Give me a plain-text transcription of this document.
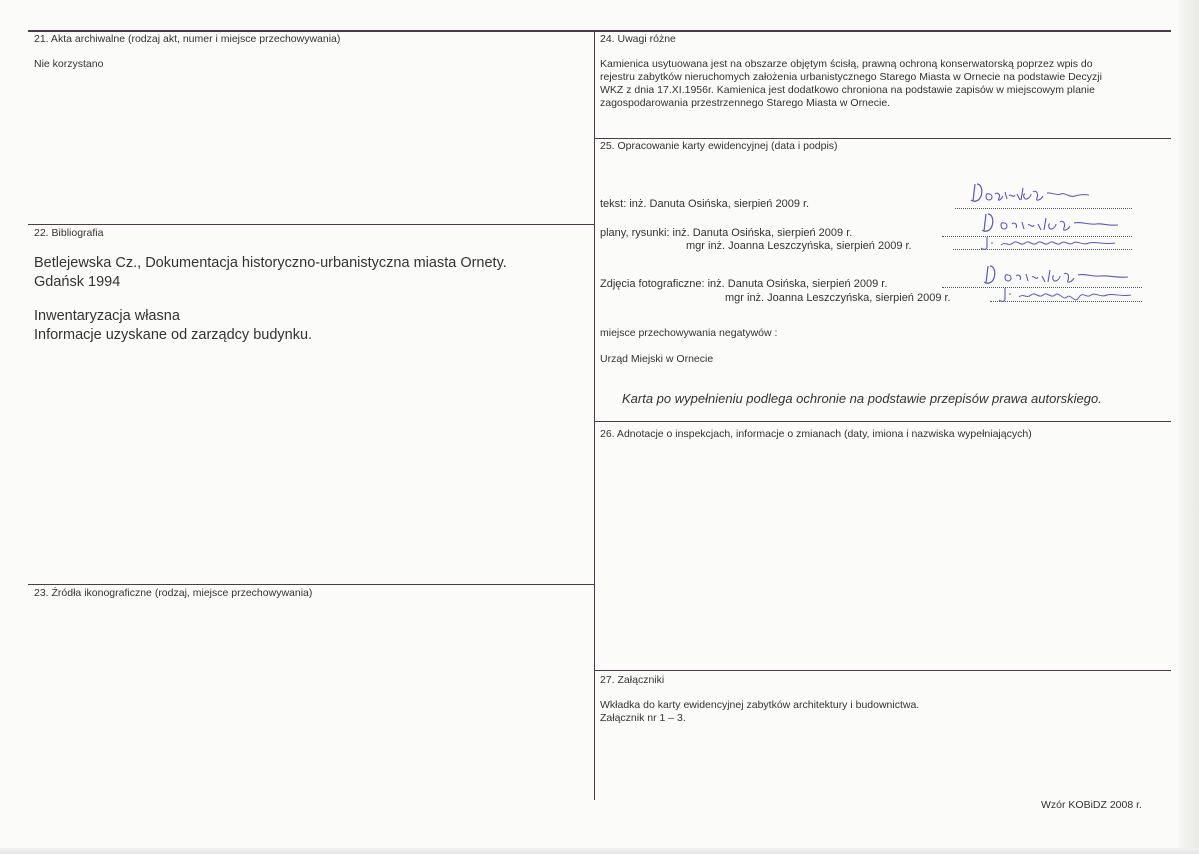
21. Akta archiwalne (rodzaj akt, numer i miejsce przechowywania)
Nie korzystano
22. Bibliografia
Betlejewska Cz., Dokumentacja historyczno-urbanistyczna miasta Ornety.
Gdańsk 1994
Inwentaryzacja własna
Informacje uzyskane od zarządcy budynku.
23. Źródła ikonograficzne (rodzaj, miejsce przechowywania)
24. Uwagi różne
Kamienica usytuowana jest na obszarze objętym ścisłą, prawną ochroną konserwatorską poprzez wpis do
rejestru zabytków nieruchomych założenia urbanistycznego Starego Miasta w Ornecie na podstawie Decyzji
WKZ z dnia 17.XI.1956r. Kamienica jest dodatkowo chroniona na podstawie zapisów w miejscowym planie
zagospodarowania przestrzennego Starego Miasta w Ornecie.
25. Opracowanie karty ewidencyjnej (data i podpis)
tekst: inż. Danuta Osińska, sierpień 2009 r.
plany, rysunki: inż. Danuta Osińska, sierpień 2009 r.
mgr inż. Joanna Leszczyńska, sierpień 2009 r.
Zdjęcia fotograficzne: inż. Danuta Osińska, sierpień 2009 r.
mgr inż. Joanna Leszczyńska, sierpień 2009 r.
miejsce przechowywania negatywów :
Urząd Miejski w Ornecie
Karta po wypełnieniu podlega ochronie na podstawie przepisów prawa autorskiego.
26. Adnotacje o inspekcjach, informacje o zmianach (daty, imiona i nazwiska wypełniających)
27. Załączniki
Wkładka do karty ewidencyjnej zabytków architektury i budownictwa.
Załącznik nr 1 – 3.
Wzór KOBiDZ 2008 r.
